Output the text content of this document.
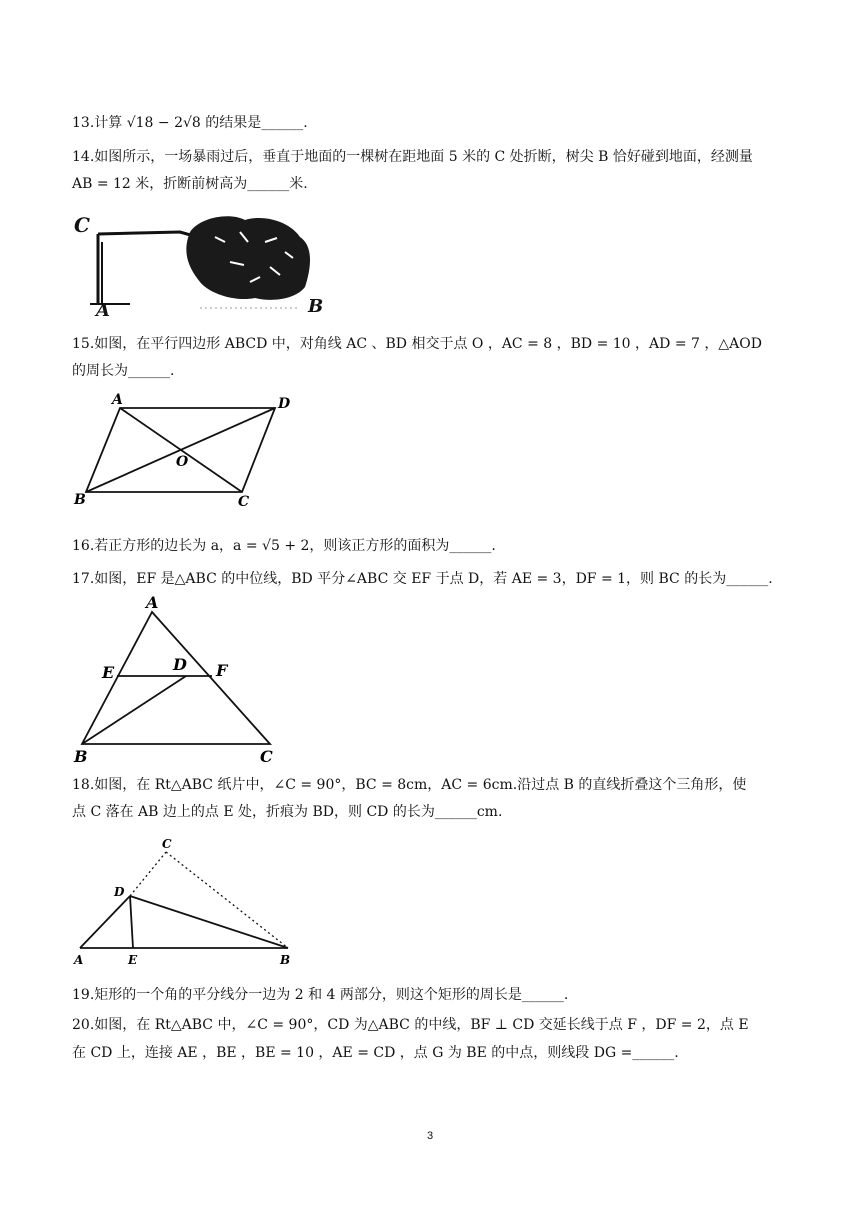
13.计算 √18 − 2√8 的结果是______.
14.如图所示，一场暴雨过后，垂直于地面的一棵树在距地面 5 米的 C 处折断，树尖 B 恰好碰到地面，经测量
AB = 12 米，折断前树高为______米.
C
A	B
15.如图，在平行四边形 ABCD 中，对角线 AC 、BD 相交于点 O ，AC = 8 ，BD = 10 ，AD = 7 ，△AOD
的周长为______.
A	D
O
B	C
16.若正方形的边长为 a，a = √5 + 2，则该正方形的面积为______.
17.如图，EF 是△ABC 的中位线，BD 平分∠ABC 交 EF 于点 D，若 AE = 3，DF = 1，则 BC 的长为______.
A
E	D F
B	C
18.如图，在 Rt△ABC 纸片中，∠C = 90°，BC = 8cm，AC = 6cm.沿过点 B 的直线折叠这个三角形，使
点 C 落在 AB 边上的点 E 处，折痕为 BD，则 CD 的长为______cm.
C
D
A	E	B
19.矩形的一个角的平分线分一边为 2 和 4 两部分，则这个矩形的周长是______.
20.如图，在 Rt△ABC 中，∠C = 90°，CD 为△ABC 的中线，BF ⊥ CD 交延长线于点 F ，DF = 2，点 E
在 CD 上，连接 AE ，BE ，BE = 10 ，AE = CD ，点 G 为 BE 的中点，则线段 DG =______.
3
